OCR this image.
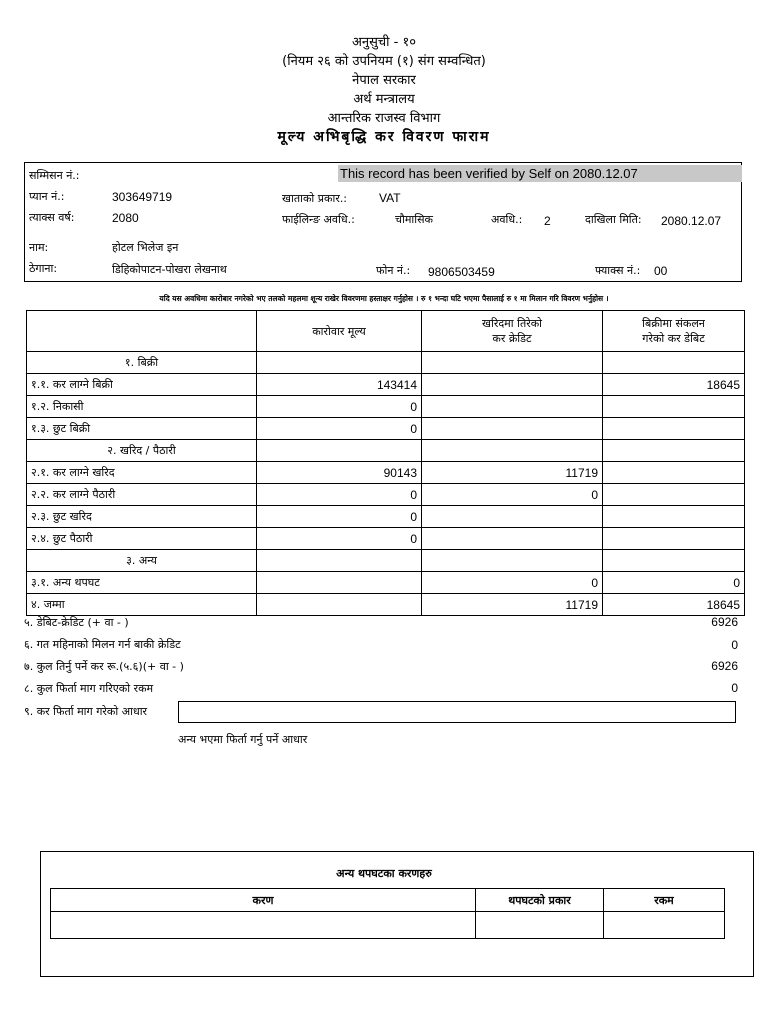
अनुसुची - १०
(नियम २६ को उपनियम (१) संग सम्वन्धित)
नेपाल सरकार
अर्थ मन्त्रालय
आन्तरिक राजस्व विभाग
मूल्य अभिबृद्धि कर विवरण फाराम
सम्मिसन नं.:	This record has been verified by Self on 2080.12.07
प्यान नं.:	303649719	खाताको प्रकार.:	VAT
त्याक्स वर्ष:	2080	फाईलिन्ङ अवधि.:	चौमासिक	अवधि.: 2	दाखिला मिति: 2080.12.07
नाम:	होटल भिलेज इन
ठेगाना:	डिहिकोपाटन-पोखरा लेखनाथ	फोन नं.: 9806503459	फ्याक्स नं.: 00
यदि यस अवधिमा कारोबार नगरेको भए तलको महलमा शून्य राखेर विवरणमा हस्ताक्षर गर्नुहोस । रु १ भन्दा घटि भएमा पैसालाई रु १ मा मिलान गरि विवरण भर्नुहोस ।
	कारोवार मूल्य	खरिदमा तिरेको
कर क्रेडिट	बिक्रीमा संकलन
गरेको कर डेबिट
१. बिक्री			
१.१. कर लाग्ने बिक्री	143414		18645
१.२. निकासी	0		
१.३. छुट बिक्री	0		
२. खरिद / पैठारी			
२.१. कर लाग्ने खरिद	90143	11719	
२.२. कर लाग्ने पैठारी	0	0	
२.३. छुट खरिद	0		
२.४. छुट पैठारी	0		
३. अन्य			
३.१. अन्य थपघट		0	0
४. जम्मा		11719	18645
५. डेबिट-क्रेडिट (+ वा - )	6926
६. गत महिनाको मिलन गर्न बाकी क्रेडिट	0
७. कुल तिर्नु पर्ने कर रू.(५.६)(+ वा - )	6926
८. कुल फिर्ता माग गरिएको रकम	0
९. कर फिर्ता माग गरेको आधार
अन्य भएमा फिर्ता गर्नु पर्ने आधार
अन्य थपघटका करणहरु
करण	थपघटको प्रकार	रकम
